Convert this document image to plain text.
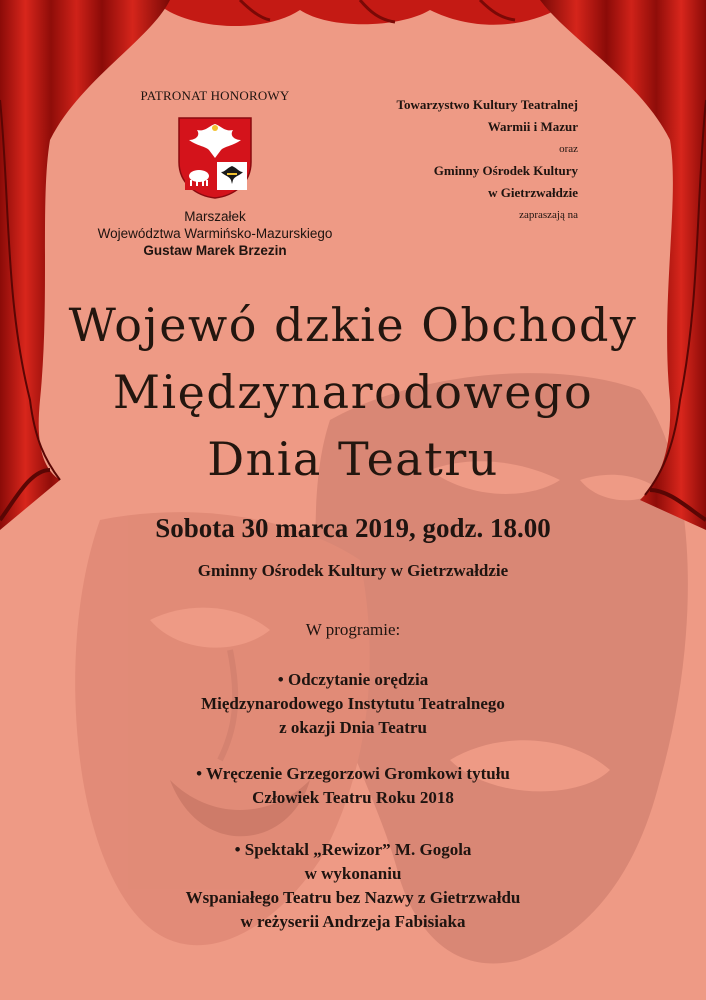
PATRONAT HONOROWY
Marszałek
Województwa Warmińsko-Mazurskiego
Gustaw Marek Brzezin
Towarzystwo Kultury Teatralnej
Warmii i Mazur
oraz
Gminny Ośrodek Kultury
w Gietrzwałdzie
zapraszają na
Wojewó dzkie Obchody
Międzynarodowego
Dnia Teatru
Sobota 30 marca 2019, godz. 18.00
Gminny Ośrodek Kultury w Gietrzwałdzie
W programie:
• Odczytanie orędzia
Międzynarodowego Instytutu Teatralnego
z okazji Dnia Teatru
• Wręczenie Grzegorzowi Gromkowi tytułu
Człowiek Teatru Roku 2018
• Spektakl „Rewizor” M. Gogola
w wykonaniu
Wspaniałego Teatru bez Nazwy z Gietrzwałdu
w reżyserii Andrzeja Fabisiaka
